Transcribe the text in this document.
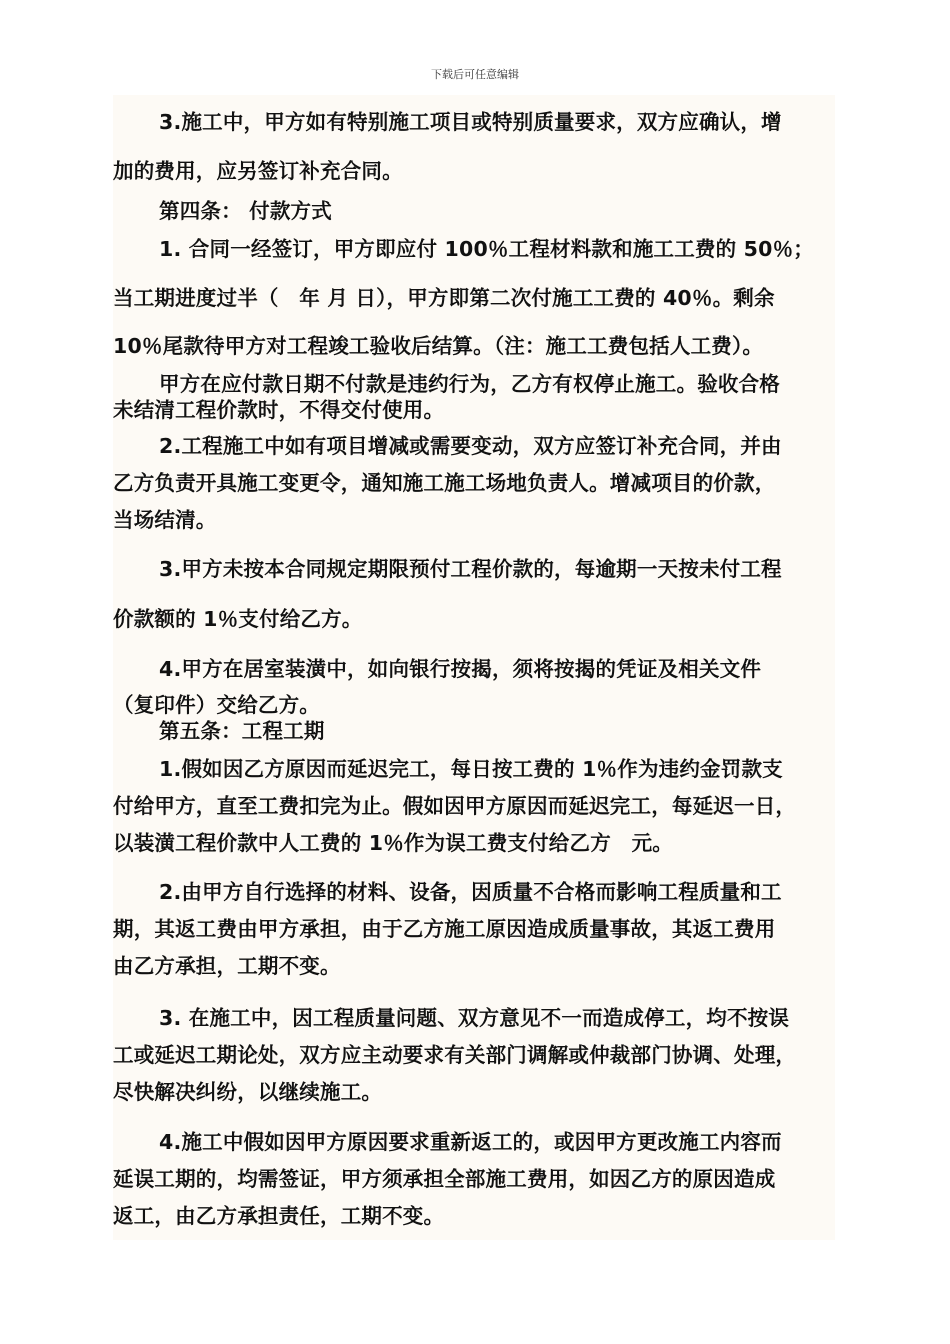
下载后可任意编辑
3.施工中，甲方如有特别施工项目或特别质量要求，双方应确认，增
加的费用，应另签订补充合同。
第四条： 付款方式
1. 合同一经签订，甲方即应付 100％工程材料款和施工工费的 50％；
当工期进度过半（　年 月 日），甲方即第二次付施工工费的 40％。剩余
10％尾款待甲方对工程竣工验收后结算。（注：施工工费包括人工费）。
甲方在应付款日期不付款是违约行为，乙方有权停止施工。验收合格
未结清工程价款时，不得交付使用。
2.工程施工中如有项目增减或需要变动，双方应签订补充合同，并由
乙方负责开具施工变更令，通知施工施工场地负责人。增减项目的价款，
当场结清。
3.甲方未按本合同规定期限预付工程价款的，每逾期一天按未付工程
价款额的 1％支付给乙方。
4.甲方在居室装潢中，如向银行按揭，须将按揭的凭证及相关文件
（复印件）交给乙方。
第五条：工程工期
1.假如因乙方原因而延迟完工，每日按工费的 1％作为违约金罚款支
付给甲方，直至工费扣完为止。假如因甲方原因而延迟完工，每延迟一日，
以装潢工程价款中人工费的 1％作为误工费支付给乙方　元。
2.由甲方自行选择的材料、设备，因质量不合格而影响工程质量和工
期，其返工费由甲方承担，由于乙方施工原因造成质量事故，其返工费用
由乙方承担，工期不变。
3. 在施工中，因工程质量问题、双方意见不一而造成停工，均不按误
工或延迟工期论处，双方应主动要求有关部门调解或仲裁部门协调、处理，
尽快解决纠纷，以继续施工。
4.施工中假如因甲方原因要求重新返工的，或因甲方更改施工内容而
延误工期的，均需签证，甲方须承担全部施工费用，如因乙方的原因造成
返工，由乙方承担责任，工期不变。
